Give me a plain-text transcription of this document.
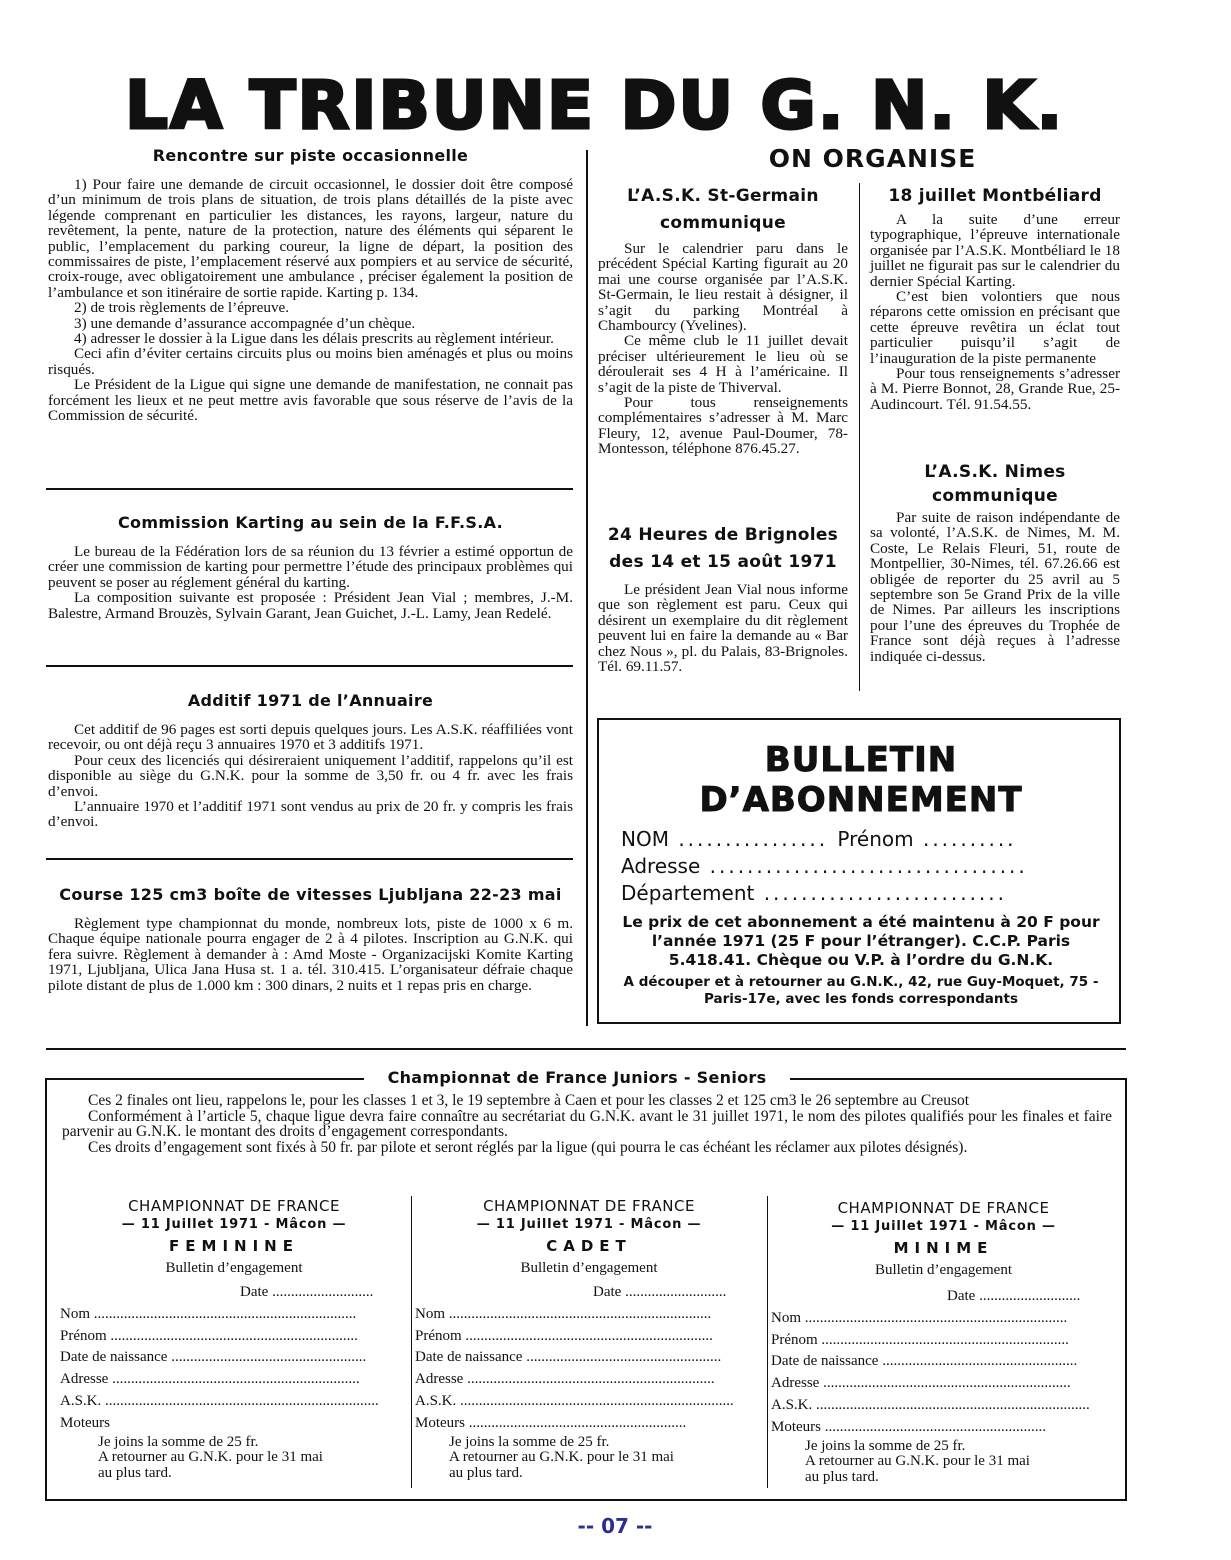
LA TRIBUNE DU G. N. K.
Rencontre sur piste occasionnelle

1) Pour faire une demande de circuit occasionnel, le dossier doit être composé d’un minimum de trois plans de situation, de trois plans détaillés de la piste avec légende comprenant en particulier les distances, les rayons, largeur, nature du revêtement, la pente, nature de la protection, nature des éléments qui séparent le public, l’emplacement du parking coureur, la ligne de départ, la position des commissaires de piste, l’emplacement réservé aux pompiers et au service de sécurité, croix-rouge, avec obligatoirement une ambulance , préciser également la position de l’ambulance et son itinéraire de sortie rapide. Karting p. 134.

2) de trois règlements de l’épreuve.

3) une demande d’assurance accompagnée d’un chèque.

4) adresser le dossier à la Ligue dans les délais prescrits au règlement intérieur.

Ceci afin d’éviter certains circuits plus ou moins bien aménagés et plus ou moins risqués.

Le Président de la Ligue qui signe une demande de manifestation, ne connait pas forcément les lieux et ne peut mettre avis favorable que sous réserve de l’avis de la Commission de sécurité.

Commission Karting au sein de la F.F.S.A.

Le bureau de la Fédération lors de sa réunion du 13 février a estimé opportun de créer une commission de karting pour permettre l’étude des principaux problèmes qui peuvent se poser au réglement général du karting.

La composition suivante est proposée : Président Jean Vial ; membres, J.-M. Balestre, Armand Brouzès, Sylvain Garant, Jean Guichet, J.-L. Lamy, Jean Redelé.

Additif 1971 de l’Annuaire

Cet additif de 96 pages est sorti depuis quelques jours. Les A.S.K. réaffiliées vont recevoir, ou ont déjà reçu 3 annuaires 1970 et 3 additifs 1971.

Pour ceux des licenciés qui désireraient uniquement l’additif, rappelons qu’il est disponible au siège du G.N.K. pour la somme de 3,50 fr. ou 4 fr. avec les frais d’envoi.

L’annuaire 1970 et l’additif 1971 sont vendus au prix de 20 fr. y compris les frais d’envoi.

Course 125 cm3 boîte de vitesses Ljubljana 22-23 mai

Règlement type championnat du monde, nombreux lots, piste de 1000 x 6 m. Chaque équipe nationale pourra engager de 2 à 4 pilotes. Inscription au G.N.K. qui fera suivre. Règlement à demander à : Amd Moste - Organizacijski Komite Karting 1971, Ljubljana, Ulica Jana Husa st. 1 a. tél. 310.415. L’organisateur défraie chaque pilote distant de plus de 1.000 km : 300 dinars, 2 nuits et 1 repas pris en charge.

ON ORGANISE
L’A.S.K. St-Germain
communique

Sur le calendrier paru dans le précédent Spécial Karting figurait au 20 mai une course organisée par l’A.S.K. St-Germain, le lieu restait à désigner, il s’agit du parking Montréal à Chambourcy (Yvelines).

Ce même club le 11 juillet devait préciser ultérieurement le lieu où se déroulerait ses 4 H à l’américaine. Il s’agit de la piste de Thiverval.

Pour tous renseignements complémentaires s’adresser à M. Marc Fleury, 12, avenue Paul-Doumer, 78-Montesson, téléphone 876.45.27.

24 Heures de Brignoles
des 14 et 15 août 1971

Le président Jean Vial nous informe que son règlement est paru. Ceux qui désirent un exemplaire du dit règlement peuvent lui en faire la demande au « Bar chez Nous », pl. du Palais, 83-Brignoles. Tél. 69.11.57.

18 juillet Montbéliard

A la suite d’une erreur typographique, l’épreuve internationale organisée par l’A.S.K. Montbéliard le 18 juillet ne figurait pas sur le calendrier du dernier Spécial Karting.

C’est bien volontiers que nous réparons cette omission en précisant que cette épreuve revêtira un éclat tout particulier puisqu’il s’agit de l’inauguration de la piste permanente

Pour tous renseignements s’adresser à M. Pierre Bonnot, 28, Grande Rue, 25-Audincourt. Tél. 91.54.55.

L’A.S.K. Nimes
communique

Par suite de raison indépendante de sa volonté, l’A.S.K. de Nimes, M. M. Coste, Le Relais Fleuri, 51, route de Montpellier, 30-Nimes, tél. 67.26.66 est obligée de reporter du 25 avril au 5 septembre son 5e Grand Prix de la ville de Nimes. Par ailleurs les inscriptions pour l’une des épreuves du Trophée de France sont déjà reçues à l’adresse indiquée ci-dessus.

BULLETIN
D’ABONNEMENT
NOM ................ Prénom ..........
Adresse ..................................
Département ..........................

Le prix de cet abonnement a été maintenu à 20 F pour l’année 1971 (25 F pour l’étranger). C.C.P. Paris 5.418.41. Chèque ou V.P. à l’ordre du G.N.K.

A découper et à retourner au G.N.K., 42, rue Guy-Moquet, 75 - Paris-17e, avec les fonds correspondants

Championnat de France Juniors - Seniors

Ces 2 finales ont lieu, rappelons le, pour les classes 1 et 3, le 19 septembre à Caen et pour les classes 2 et 125 cm3 le 26 septembre au Creusot

Conformément à l’article 5, chaque ligue devra faire connaître au secrétariat du G.N.K. avant le 31 juillet 1971, le nom des pilotes qualifiés pour les finales et faire parvenir au G.N.K. le montant des droits d’engagement correspondants.

Ces droits d’engagement sont fixés à 50 fr. par pilote et seront réglés par la ligue (qui pourra le cas échéant les réclamer aux pilotes désignés).

CHAMPIONNAT DE FRANCE
— 11 Juillet 1971 - Mâcon —
FEMININE
Bulletin d’engagement
Date ...........................
Nom ......................................................................
Prénom ..................................................................
Date de naissance ....................................................
Adresse ..................................................................
A.S.K. .........................................................................
Moteurs
Je joins la somme de 25 fr.
A retourner au G.N.K. pour le 31 mai
au plus tard.
CHAMPIONNAT DE FRANCE
— 11 Juillet 1971 - Mâcon —
CADET
Bulletin d’engagement
Date ...........................
Nom ......................................................................
Prénom ..................................................................
Date de naissance ....................................................
Adresse ..................................................................
A.S.K. .........................................................................
Moteurs ..........................................................
Je joins la somme de 25 fr.
A retourner au G.N.K. pour le 31 mai
au plus tard.
CHAMPIONNAT DE FRANCE
— 11 Juillet 1971 - Mâcon —
MINIME
Bulletin d’engagement
Date ...........................
Nom ......................................................................
Prénom ..................................................................
Date de naissance ....................................................
Adresse ..................................................................
A.S.K. .........................................................................
Moteurs ...........................................................
Je joins la somme de 25 fr.
A retourner au G.N.K. pour le 31 mai
au plus tard.
-- 07 --
